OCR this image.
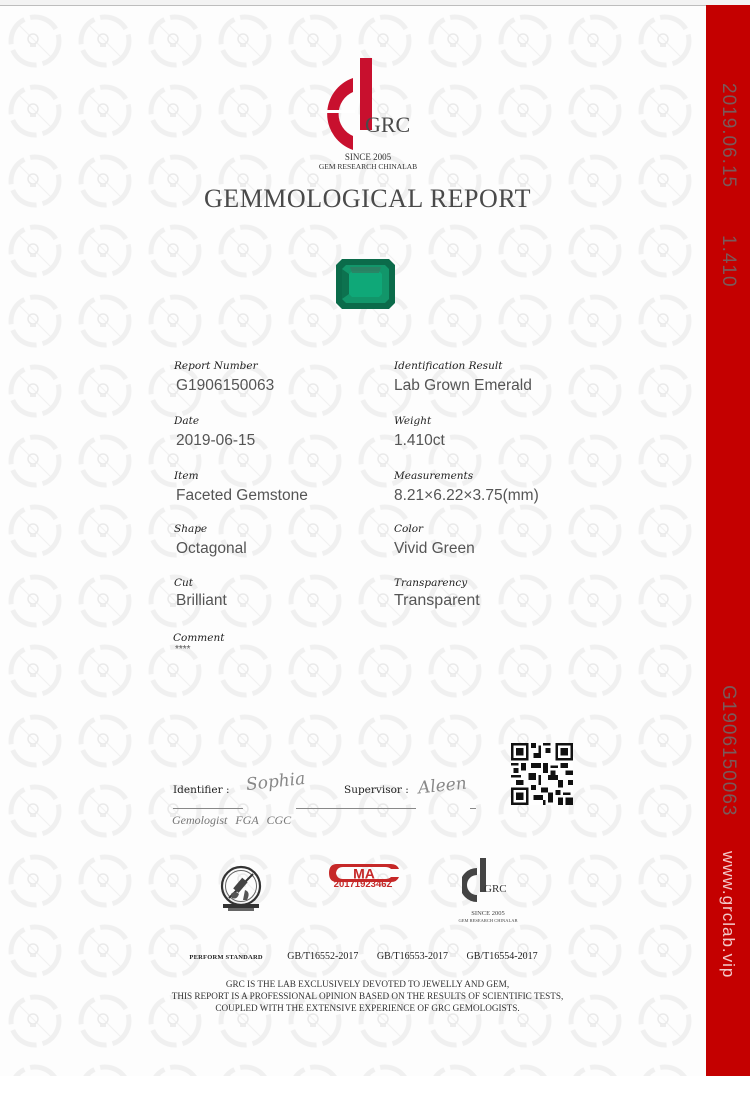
GRC
SINCE 2005
GEM RESEARCH CHINALAB
GEMMOLOGICAL REPORT
Report Number
G1906150063
Date
2019-06-15
Item
Faceted Gemstone
Shape
Octagonal
Cut
Brilliant
Comment
****
Identification Result
Lab Grown Emerald
Weight
1.410ct
Measurements
8.21×6.22×3.75(mm)
Color
Vivid Green
Transparency
Transparent
Identifier : Sophia	Supervisor : Aleen
Gemologist FGA CGC
MA
2017192346Z	GRC
SINCE 2005
GEM RESEARCH CHINALAB
PERFORM STANDARD GB/T16552-2017 GB/T16553-2017 GB/T16554-2017
GRC IS THE LAB EXCLUSIVELY DEVOTED TO JEWELLY AND GEM,
THIS REPORT IS A PROFESSIONAL OPINION BASED ON THE RESULTS OF SCIENTIFIC TESTS,
COUPLED WITH THE EXTENSIVE EXPERIENCE OF GRC GEMOLOGISTS.
2019.06.15
1.410
G1906150063
www.grclab.vip
